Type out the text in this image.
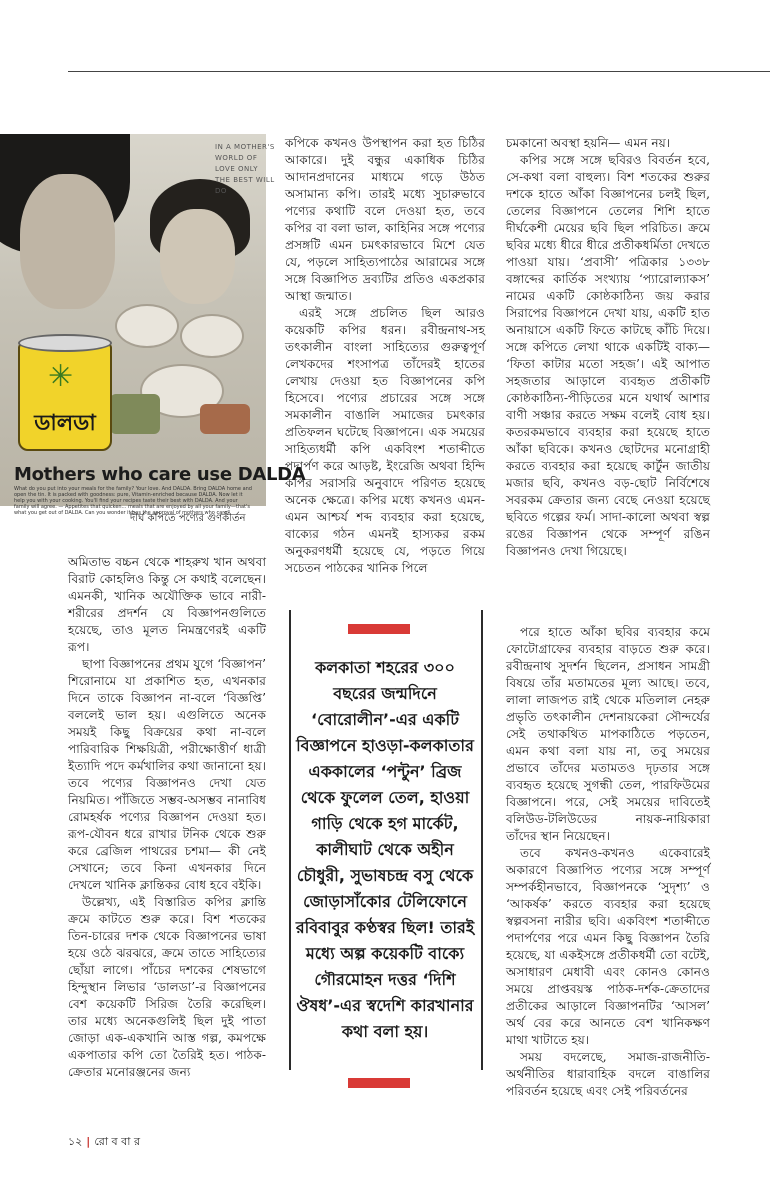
IN A MOTHER'S WORLD OF LOVE ONLY THE BEST WILL DO
✳
ডালডা
Mothers who care use DALDA
What do you put into your meals for the family? Your love. And DALDA. Bring DALDA home and open the tin. It is packed with goodness: pure, Vitamin-enriched because DALDA. Now let it help you with your cooking. You'll find your recipes taste their best with DALDA. And your family will agree. — Appetites that quicken... meals that are enjoyed by all your family—that's what you get out of DALDA. Can you wonder it has the approval of mothers who care?
দীর্ঘ কপিতে পণ্যের গুণকীর্তন

অমিতাভ বচ্চন থেকে শাহরুখ খান অথবা বিরাট কোহলিও কিন্তু সে কথাই বলেছেন। এমনকী, খানিক অযৌক্তিক ভাবে নারী-শরীরের প্রদর্শন যে বিজ্ঞাপনগুলিতে হয়েছে, তাও মূলত নিমন্ত্রণেরই একটি রূপ।

ছাপা বিজ্ঞাপনের প্রথম যুগে ‘বিজ্ঞাপন’ শিরোনামে যা প্রকাশিত হত, এখনকার দিনে তাকে বিজ্ঞাপন না-বলে ‘বিজ্ঞপ্তি’ বললেই ভাল হয়। এগুলিতে অনেক সময়ই কিছু বিক্রয়ের কথা না-বলে পারিবারিক শিক্ষয়িত্রী, পরীক্ষোত্তীর্ণ ধাত্রী ইত্যাদি পদে কর্মখালির কথা জানানো হয়। তবে পণ্যের বিজ্ঞাপনও দেখা যেত নিয়মিত। পাঁজিতে সম্ভব-অসম্ভব নানাবিধ রোমহর্ষক পণ্যের বিজ্ঞাপন দেওয়া হত। রূপ-যৌবন ধরে রাখার টনিক থেকে শুরু করে ব্রেজিল পাথরের চশমা— কী নেই সেখানে; তবে কিনা এখনকার দিনে দেখলে খানিক ক্লান্তিকর বোধ হবে বইকি।

উল্লেখ্য, এই বিস্তারিত কপির ক্লান্তি ক্রমে কাটতে শুরু করে। বিশ শতকের তিন-চারের দশক থেকে বিজ্ঞাপনের ভাষা হয়ে ওঠে ঝরঝরে, ক্রমে তাতে সাহিত্যের ছোঁয়া লাগে। পাঁচের দশকের শেষভাগে হিন্দুস্থান লিভার ‘ডালডা’-র বিজ্ঞাপনের বেশ কয়েকটি সিরিজ তৈরি করেছিল। তার মধ্যে অনেকগুলিই ছিল দুই পাতা জোড়া এক-একখানি আস্ত গল্প, কমপক্ষে একপাতার কপি তো তৈরিই হত। পাঠক-ক্রেতার মনোরঞ্জনের জন্য

কপিকে কখনও উপস্থাপন করা হত চিঠির আকারে। দুই বন্ধুর একাধিক চিঠির আদানপ্রদানের মাধ্যমে গড়ে উঠত অসামান্য কপি। তারই মধ্যে সুচারুভাবে পণ্যের কথাটি বলে দেওয়া হত, তবে কপির বা বলা ভাল, কাহিনির সঙ্গে পণ্যের প্রসঙ্গটি এমন চমৎকারভাবে মিশে যেত যে, পড়লে সাহিত্যপাঠের আরামের সঙ্গে সঙ্গে বিজ্ঞাপিত দ্রব্যটির প্রতিও একপ্রকার আস্থা জন্মাত।

এরই সঙ্গে প্রচলিত ছিল আরও কয়েকটি কপির ধরন। রবীন্দ্রনাথ-সহ তৎকালীন বাংলা সাহিত্যের গুরুত্বপূর্ণ লেখকদের শংসাপত্র তাঁদেরই হাতের লেখায় দেওয়া হত বিজ্ঞাপনের কপি হিসেবে। পণ্যের প্রচারের সঙ্গে সঙ্গে সমকালীন বাঙালি সমাজের চমৎকার প্রতিফলন ঘটেছে বিজ্ঞাপনে। এক সময়ের সাহিত্যধর্মী কপি একবিংশ শতাব্দীতে পদার্পণ করে আড়ষ্ট, ইংরেজি অথবা হিন্দি কপির সরাসরি অনুবাদে পরিণত হয়েছে অনেক ক্ষেত্রে। কপির মধ্যে কখনও এমন-এমন আশ্চর্য শব্দ ব্যবহার করা হয়েছে, বাক্যের গঠন এমনই হাস্যকর রকম অনুকরণধর্মী হয়েছে যে, পড়তে গিয়ে সচেতন পাঠকের খানিক পিলে

কলকাতা শহরের ৩০০ বছরের জন্মদিনে ‘বোরোলীন’-এর একটি বিজ্ঞাপনে হাওড়া-কলকাতার এককালের ‘পন্টুন’ ব্রিজ থেকে ফুলেল তেল, হাওয়া গাড়ি থেকে হগ মার্কেট, কালীঘাট থেকে অহীন চৌধুরী, সুভাষচন্দ্র বসু থেকে জোড়াসাঁকোর টেলিফোনে রবিবাবুর কণ্ঠস্বর ছিল! তারই মধ্যে অল্প কয়েকটি বাক্যে গৌরমোহন দত্তর ‘দিশি ঔষধ’-এর স্বদেশি কারখানার কথা বলা হয়।

চমকানো অবস্থা হয়নি— এমন নয়।

কপির সঙ্গে সঙ্গে ছবিরও বিবর্তন হবে, সে-কথা বলা বাহুল্য। বিশ শতকের শুরুর দশকে হাতে আঁকা বিজ্ঞাপনের চলই ছিল, তেলের বিজ্ঞাপনে তেলের শিশি হাতে দীর্ঘকেশী মেয়ের ছবি ছিল পরিচিত। ক্রমে ছবির মধ্যে ধীরে ধীরে প্রতীকধর্মিতা দেখতে পাওয়া যায়। ‘প্রবাসী’ পত্রিকার ১৩৩৮ বঙ্গাব্দের কার্তিক সংখ্যায় ‘প্যারোল্যাকস’ নামের একটি কোষ্ঠকাঠিন্য জয় করার সিরাপের বিজ্ঞাপনে দেখা যায়, একটি হাত অনায়াসে একটি ফিতে কাটছে কাঁচি দিয়ে। সঙ্গে কপিতে লেখা থাকে একটিই বাক্য— ‘ফিতা কাটার মতো সহজ’। এই আপাত সহজতার আড়ালে ব্যবহৃত প্রতীকটি কোষ্ঠকাঠিন্য-পীড়িতের মনে যথার্থ আশার বাণী সঞ্চার করতে সক্ষম বলেই বোধ হয়। কতরকমভাবে ব্যবহার করা হয়েছে হাতে আঁকা ছবিকে। কখনও ছোটদের মনোগ্রাহী করতে ব্যবহার করা হয়েছে কার্টুন জাতীয় মজার ছবি, কখনও বড়-ছোট নির্বিশেষে সবরকম ক্রেতার জন্য বেছে নেওয়া হয়েছে ছবিতে গল্পের ফর্ম। সাদা-কালো অথবা স্বল্প রঙের বিজ্ঞাপন থেকে সম্পূর্ণ রঙিন বিজ্ঞাপনও দেখা গিয়েছে।

পরে হাতে আঁকা ছবির ব্যবহার কমে ফোটোগ্রাফের ব্যবহার বাড়তে শুরু করে। রবীন্দ্রনাথ সুদর্শন ছিলেন, প্রসাধন সামগ্রী বিষয়ে তাঁর মতামতের মূল্য আছে। তবে, লালা লাজপত রাই থেকে মতিলাল নেহরু প্রভৃতি তৎকালীন দেশনায়কেরা সৌন্দর্যের সেই তথাকথিত মাপকাঠিতে পড়তেন, এমন কথা বলা যায় না, তবু সময়ের প্রভাবে তাঁদের মতামতও দৃঢ়তার সঙ্গে ব্যবহৃত হয়েছে সুগন্ধী তেল, পারফিউমের বিজ্ঞাপনে। পরে, সেই সময়ের দাবিতেই বলিউড-টলিউডের নায়ক-নায়িকারা তাঁদের স্থান নিয়েছেন।

তবে কখনও-কখনও একেবারেই অকারণে বিজ্ঞাপিত পণ্যের সঙ্গে সম্পূর্ণ সম্পর্কহীনভাবে, বিজ্ঞাপনকে ‘সুদৃশ্য’ ও ‘আকর্ষক’ করতে ব্যবহার করা হয়েছে স্বল্পবসনা নারীর ছবি। একবিংশ শতাব্দীতে পদার্পণের পরে এমন কিছু বিজ্ঞাপন তৈরি হয়েছে, যা একইসঙ্গে প্রতীকধর্মী তো বটেই, অসাধারণ মেধাবী এবং কোনও কোনও সময়ে প্রাপ্তবয়স্ক পাঠক-দর্শক-ক্রেতাদের প্রতীকের আড়ালে বিজ্ঞাপনটির ‘আসল’ অর্থ বের করে আনতে বেশ খানিকক্ষণ মাথা খাটাতে হয়।

সময় বদলেছে, সমাজ-রাজনীতি-অর্থনীতির ধারাবাহিক বদলে বাঙালির পরিবর্তন হয়েছে এবং সেই পরিবর্তনের

১২ | রো ব বা র
